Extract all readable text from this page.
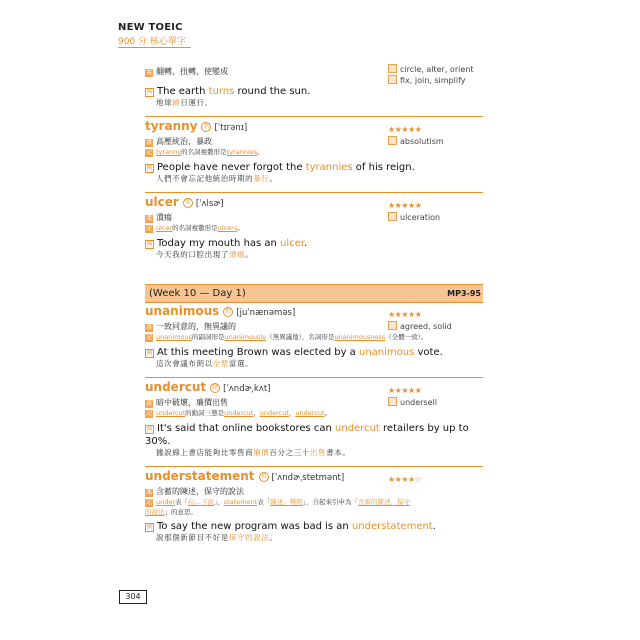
NEW TOEIC
900 分 核心單字
義 翻轉，扭轉，使變成	circle, alter, orient
fix, join, simplify
例 The earth turns round the sun.
地球繞日運行。
tyranny 名 [ˈtɪrənɪ]	★★★★★
義 高壓統治，暴政	absolutism
記 tyranny的名詞複數形是tyrannies。
例 People have never forgot the tyrannies of his reign.
人們不會忘記他統治時期的暴行。
ulcer 名 [ˈʌlsɚ]	★★★★★
義 潰瘍	ulceration
記 ulcer的名詞複數形是ulcers。
例 Today my mouth has an ulcer.
今天我的口腔出現了潰瘍。
(Week 10 — Day 1)	MP3-95
unanimous 形 [juˈnænəməs]	★★★★★
義 一致同意的，無異議的	agreed, solid
記 unanimous的副詞形是unanimously（無異議地），名詞形是unanimousness（全體一致）。
例 At this meeting Brown was elected by a unanimous vote.
這次會議布朗以全票當選。
undercut 動 [ˈʌndɚˌkʌt]	★★★★★
義 暗中破壞，廉價出售	undersell
記 undercut的動詞三態是undercut，undercut，undercut。
例 It's said that online bookstores can undercut retailers by up to 30%.
據說線上書店能夠比零售商廉價百分之三十出售書本。
understatement 名 [ˈʌndɚˌstetmənt]	★★★★☆
義 含蓄的陳述，保守的說法
記 under表「在…下面」，statement表「陳述，聲明」，合起來引申為「含蓄的陳述，保守
的說法」的意思。
例 To say the new program was bad is an understatement.
說那個新節目不好是保守的說法。
304
